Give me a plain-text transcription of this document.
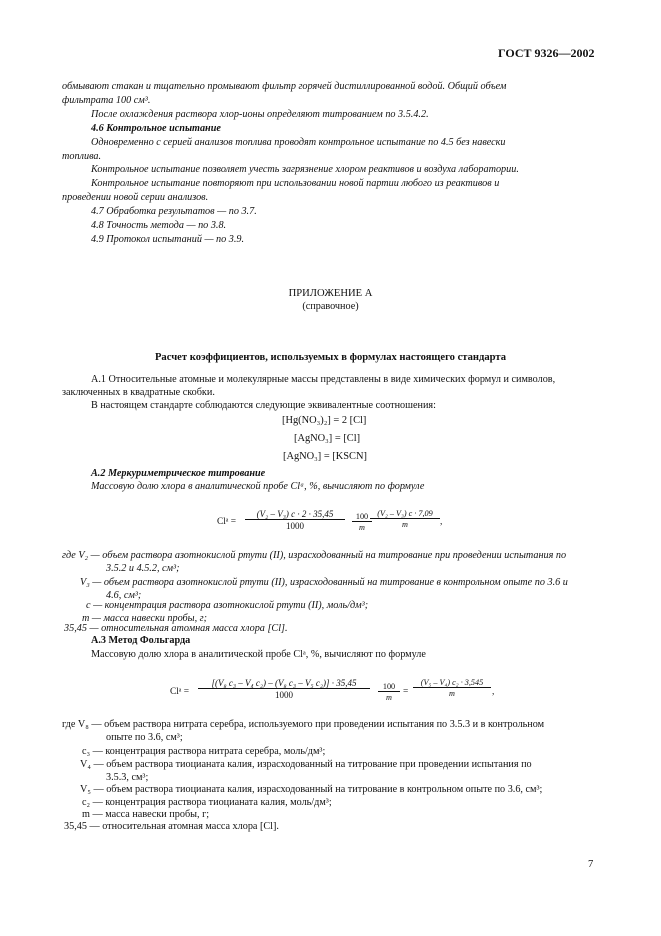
ГОСТ 9326—2002
обмывают стакан и тщательно промывают фильтр горячей дистиллированной водой. Общий объем
фильтрата 100 см³.
После охлаждения раствора хлор-ионы определяют титрованием по 3.5.4.2.
4.6 Контрольное испытание
Одновременно с серией анализов топлива проводят контрольное испытание по 4.5 без навески
топлива.
Контрольное испытание позволяет учесть загрязнение хлором реактивов и воздуха лаборатории.
Контрольное испытание повторяют при использовании новой партии любого из реактивов и
проведении новой серии анализов.
4.7 Обработка результатов — по 3.7.
4.8 Точность метода — по 3.8.
4.9 Протокол испытаний — по 3.9.
ПРИЛОЖЕНИЕ А
(справочное)
Расчет коэффициентов, используемых в формулах настоящего стандарта
А.1 Относительные атомные и молекулярные массы представлены в виде химических формул и символов,
заключенных в квадратные скобки.
В настоящем стандарте соблюдаются следующие эквивалентные соотношения:
[Hg(NO₃)₂] = 2 [Cl]
[AgNO₃] = [Cl]
[AgNO₃] = [KSCN]
А.2 Меркуриметрическое титрование
Массовую долю хлора в аналитической пробе Clᵃ, %, вычисляют по формуле
Clᵃ = $\frac{\text{(V₂ – V₃) c · 2 · 35,45}}{1000} \frac{100}{m}$
$\frac{\text{(V₂ – V₃) c · 7,09}}{m}$ ,
где V₂ — объем раствора азотнокислой ртути (II), израсходованный на титрование при проведении испытания по
3.5.2 и 4.5.2, см³;
V₃ — объем раствора азотнокислой ртути (II), израсходованный на титрование в контрольном опыте по 3.6 и
4.6, см³;
c — концентрация раствора азотнокислой ртути (II), моль/дм³;
m — масса навески пробы, г;
35,45 — относительная атомная масса хлора [Cl].
А.3 Метод Фольгарда
Массовую долю хлора в аналитической пробе Clᵃ, %, вычисляют по формуле
Clᵃ = $\frac{\text{[(V₈ c₃ – V₄ c₂) – (V₈ c₃ – V₅ c₂)] · 35,45}}{1000} \frac{100}{m} = \frac{\text{(V₅ – V₄) c₂ · 3,545}}{m}$ ,
где V₈ — объем раствора нитрата серебра, используемого при проведении испытания по 3.5.3 и в контрольном
опыте по 3.6, см³;
c₃ — концентрация раствора нитрата серебра, моль/дм³;
V₄ — объем раствора тиоцианата калия, израсходованный на титрование при проведении испытания по
3.5.3, см³;
V₅ — объем раствора тиоцианата калия, израсходованный на титрование в контрольном опыте по 3.6, см³;
c₂ — концентрация раствора тиоцианата калия, моль/дм³;
m — масса навески пробы, г;
35,45 — относительная атомная масса хлора [Cl].
7
